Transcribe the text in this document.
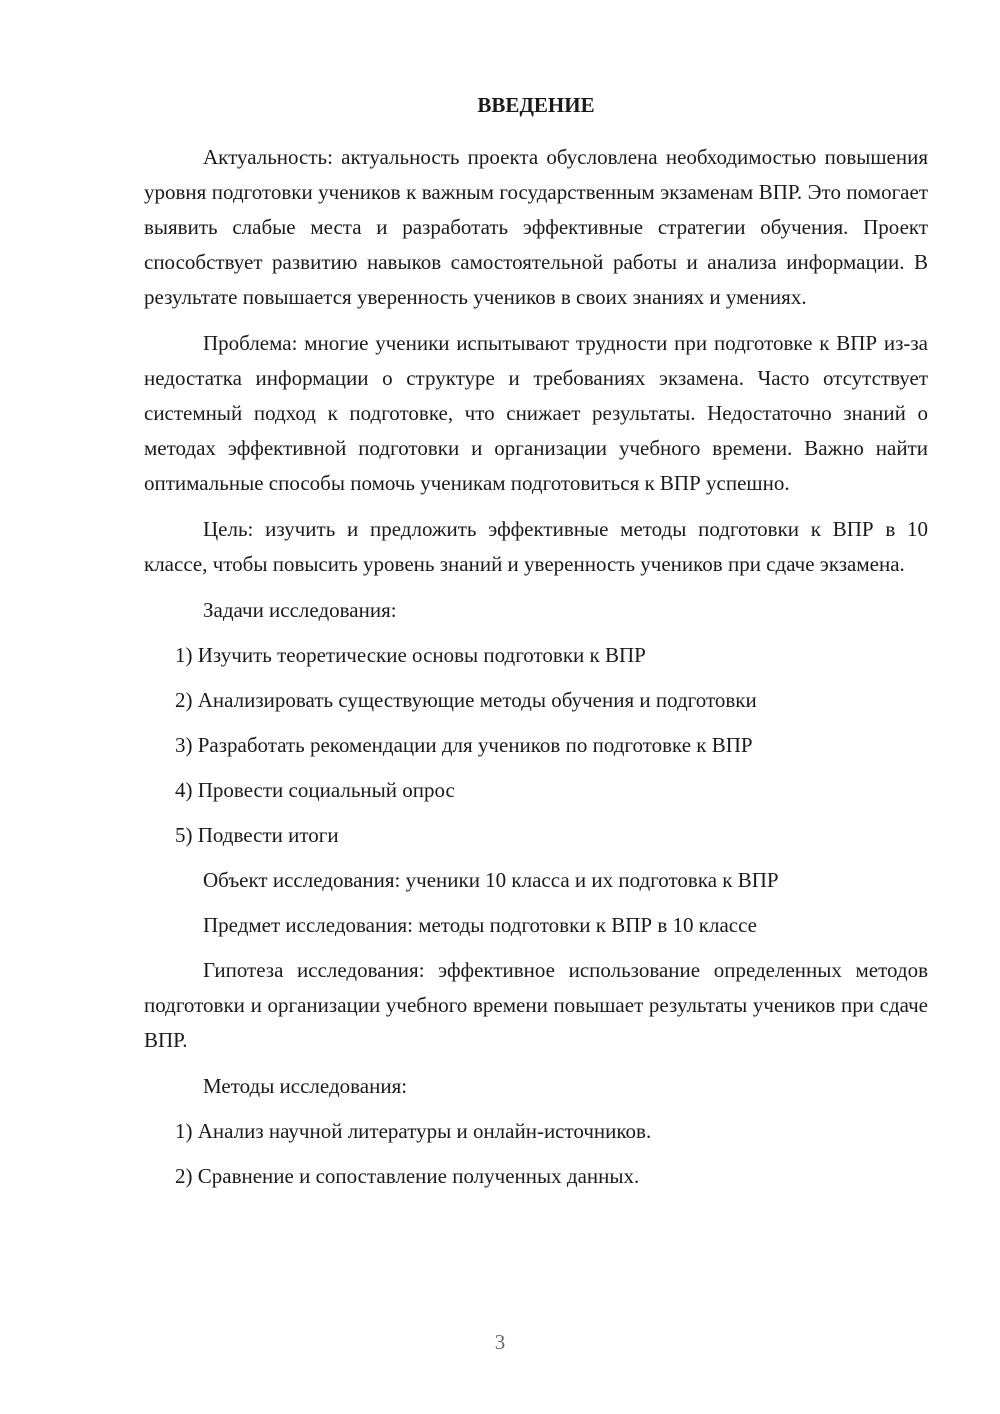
ВВЕДЕНИЕ

Актуальность: актуальность проекта обусловлена необходимостью повышения уровня подготовки учеников к важным государственным экзаменам ВПР. Это помогает выявить слабые места и разработать эффективные стратегии обучения. Проект способствует развитию навыков самостоятельной работы и анализа информации. В результате повышается уверенность учеников в своих знаниях и умениях.

Проблема: многие ученики испытывают трудности при подготовке к ВПР из-за недостатка информации о структуре и требованиях экзамена. Часто отсутствует системный подход к подготовке, что снижает результаты. Недостаточно знаний о методах эффективной подготовки и организации учебного времени. Важно найти оптимальные способы помочь ученикам подготовиться к ВПР успешно.

Цель: изучить и предложить эффективные методы подготовки к ВПР в 10 классе, чтобы повысить уровень знаний и уверенность учеников при сдаче экзамена.

Задачи исследования:

1) Изучить теоретические основы подготовки к ВПР

2) Анализировать существующие методы обучения и подготовки

3) Разработать рекомендации для учеников по подготовке к ВПР

4) Провести социальный опрос

5) Подвести итоги

Объект исследования: ученики 10 класса и их подготовка к ВПР

Предмет исследования: методы подготовки к ВПР в 10 классе

Гипотеза исследования: эффективное использование определенных методов подготовки и организации учебного времени повышает результаты учеников при сдаче ВПР.

Методы исследования:

1) Анализ научной литературы и онлайн-источников.

2) Сравнение и сопоставление полученных данных.

3
